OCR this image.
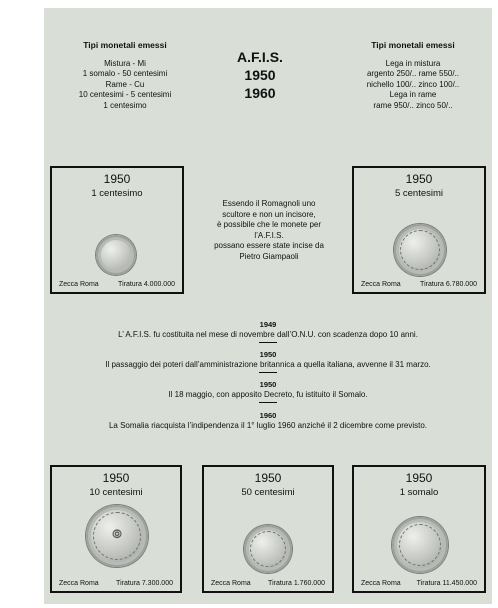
Tipi monetali emessi
Mistura - Mi
1 somalo - 50 centesimi
Rame - Cu
10 centesimi - 5 centesimi
1 centesimo
A.F.I.S.
1950
1960
Tipi monetali emessi
Lega in mistura
argento 250/.. rame 550/..
nichello 100/.. zinco 100/..
Lega in rame
rame 950/.. zinco 50/..
1950
1 centesimo
Zecca Roma	Tiratura 4.000.000
Essendo il Romagnoli uno
scultore e non un incisore,
è possibile che le monete per
l’A.F.I.S.
possano essere state incise da
Pietro Giampaoli
1950
5 centesimi
Zecca Roma	Tiratura 6.780.000
1949
L’ A.F.I.S. fu costituita nel mese di novembre dall’O.N.U. con scadenza dopo 10 anni.
1950
Il passaggio dei poteri dall’amministrazione britannica a quella italiana, avvenne il 31 marzo.
1950
Il 18 maggio, con apposito Decreto, fu istituito il Somalo.
1960
La Somalia riacquista l’indipendenza il 1° luglio 1960 anziché il 2 dicembre come previsto.
1950
10 centesimi
⦾
Zecca Roma Tiratura 7.300.000
1950
50 centesimi
Zecca Roma Tiratura 1.760.000
1950
1 somalo
Zecca Roma Tiratura 11.450.000
